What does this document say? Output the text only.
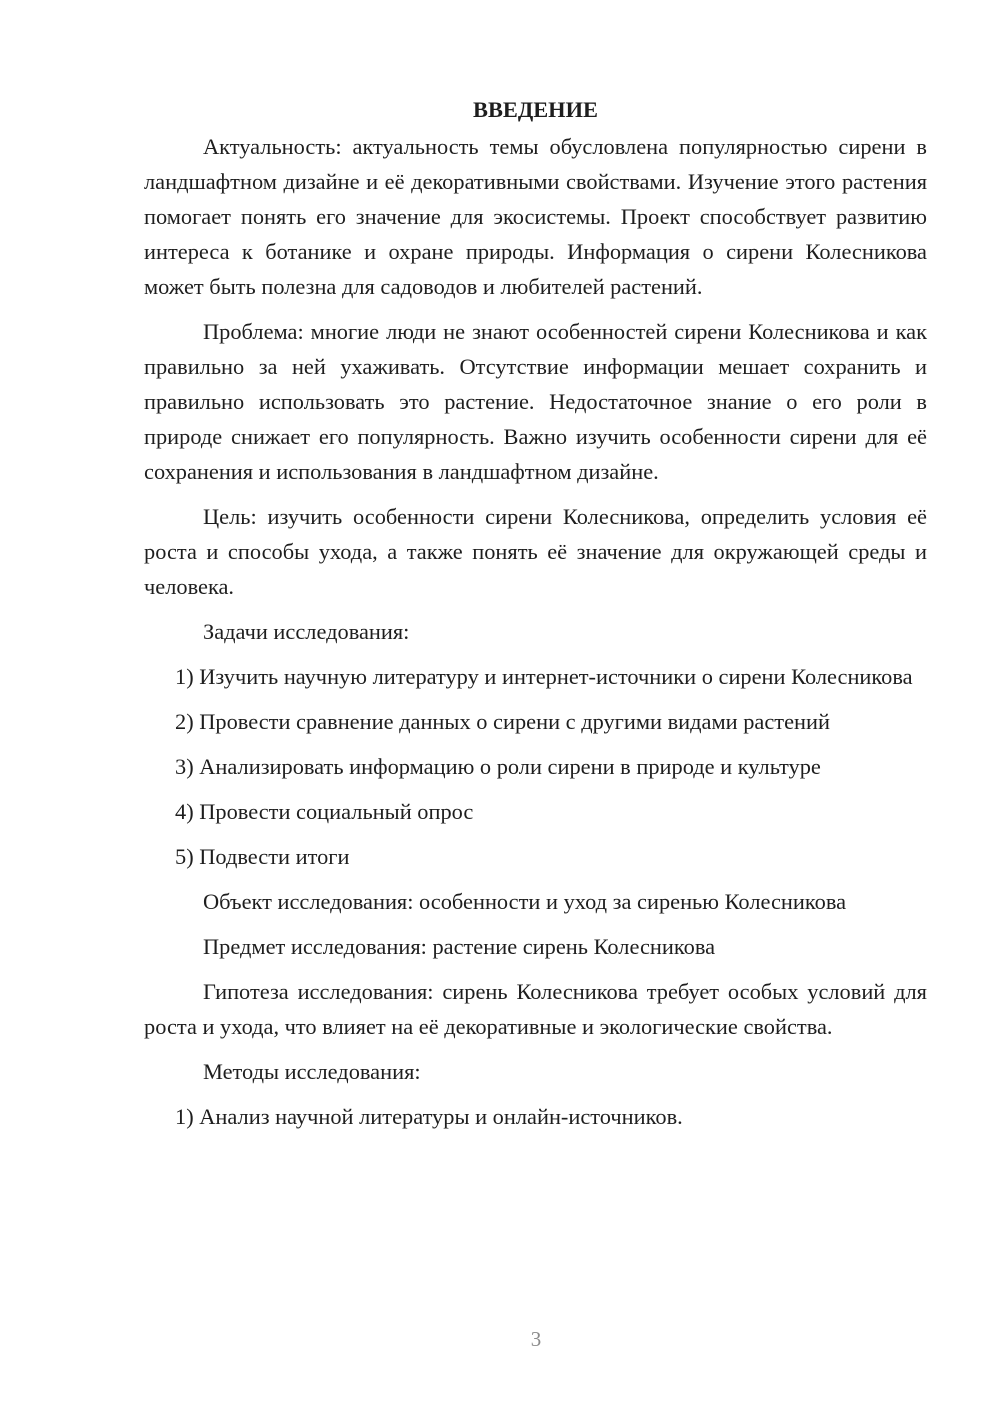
ВВЕДЕНИЕ

Актуальность: актуальность темы обусловлена популярностью сирени в ландшафтном дизайне и её декоративными свойствами. Изучение этого растения помогает понять его значение для экосистемы. Проект способствует развитию интереса к ботанике и охране природы. Информация о сирени Колесникова может быть полезна для садоводов и любителей растений.

Проблема: многие люди не знают особенностей сирени Колесникова и как правильно за ней ухаживать. Отсутствие информации мешает сохранить и правильно использовать это растение. Недостаточное знание о его роли в природе снижает его популярность. Важно изучить особенности сирени для её сохранения и использования в ландшафтном дизайне.

Цель: изучить особенности сирени Колесникова, определить условия её роста и способы ухода, а также понять её значение для окружающей среды и человека.

Задачи исследования:

1) Изучить научную литературу и интернет-источники о сирени Колесникова

2) Провести сравнение данных о сирени с другими видами растений

3) Анализировать информацию о роли сирени в природе и культуре

4) Провести социальный опрос

5) Подвести итоги

Объект исследования: особенности и уход за сиренью Колесникова

Предмет исследования: растение сирень Колесникова

Гипотеза исследования: сирень Колесникова требует особых условий для роста и ухода, что влияет на её декоративные и экологические свойства.

Методы исследования:

1) Анализ научной литературы и онлайн-источников.

3
